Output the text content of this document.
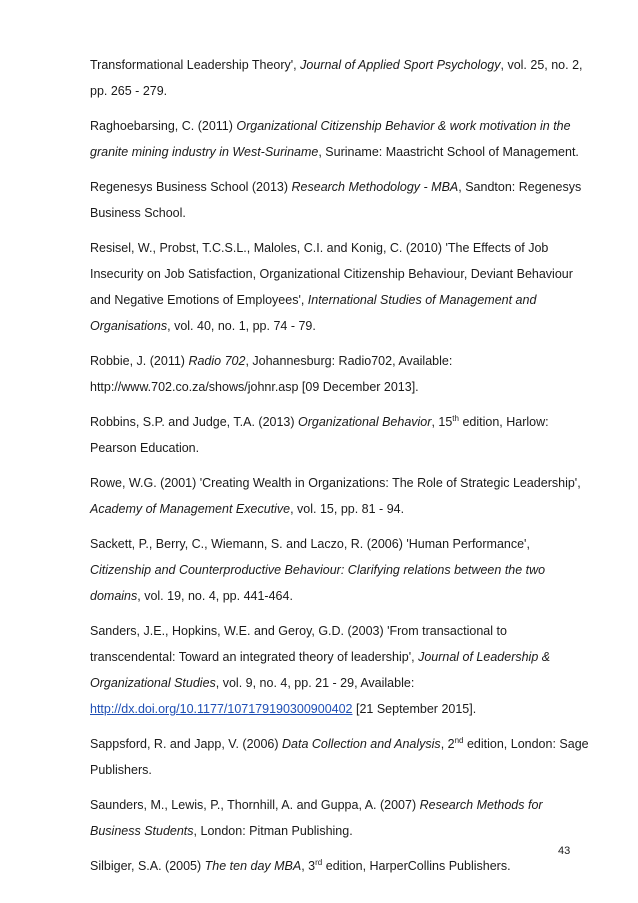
Transformational Leadership Theory', Journal of Applied Sport Psychology, vol. 25, no. 2, pp. 265 - 279.

Raghoebarsing, C. (2011) Organizational Citizenship Behavior & work motivation in the granite mining industry in West-Suriname, Suriname: Maastricht School of Management.

Regenesys Business School (2013) Research Methodology - MBA, Sandton: Regenesys Business School.

Resisel, W., Probst, T.C.S.L., Maloles, C.I. and Konig, C. (2010) 'The Effects of Job Insecurity on Job Satisfaction, Organizational Citizenship Behaviour, Deviant Behaviour and Negative Emotions of Employees', International Studies of Management and Organisations, vol. 40, no. 1, pp. 74 - 79.

Robbie, J. (2011) Radio 702, Johannesburg: Radio702, Available: http://www.702.co.za/shows/johnr.asp [09 December 2013].

Robbins, S.P. and Judge, T.A. (2013) Organizational Behavior, 15th edition, Harlow: Pearson Education.

Rowe, W.G. (2001) 'Creating Wealth in Organizations: The Role of Strategic Leadership', Academy of Management Executive, vol. 15, pp. 81 - 94.

Sackett, P., Berry, C., Wiemann, S. and Laczo, R. (2006) 'Human Performance', Citizenship and Counterproductive Behaviour: Clarifying relations between the two domains, vol. 19, no. 4, pp. 441-464.

Sanders, J.E., Hopkins, W.E. and Geroy, G.D. (2003) 'From transactional to transcendental: Toward an integrated theory of leadership', Journal of Leadership & Organizational Studies, vol. 9, no. 4, pp. 21 - 29, Available: http://dx.doi.org/10.1177/107179190300900402 [21 September 2015].

Sappsford, R. and Japp, V. (2006) Data Collection and Analysis, 2nd edition, London: Sage Publishers.

Saunders, M., Lewis, P., Thornhill, A. and Guppa, A. (2007) Research Methods for Business Students, London: Pitman Publishing.

Silbiger, S.A. (2005) The ten day MBA, 3rd edition, HarperCollins Publishers.

43
